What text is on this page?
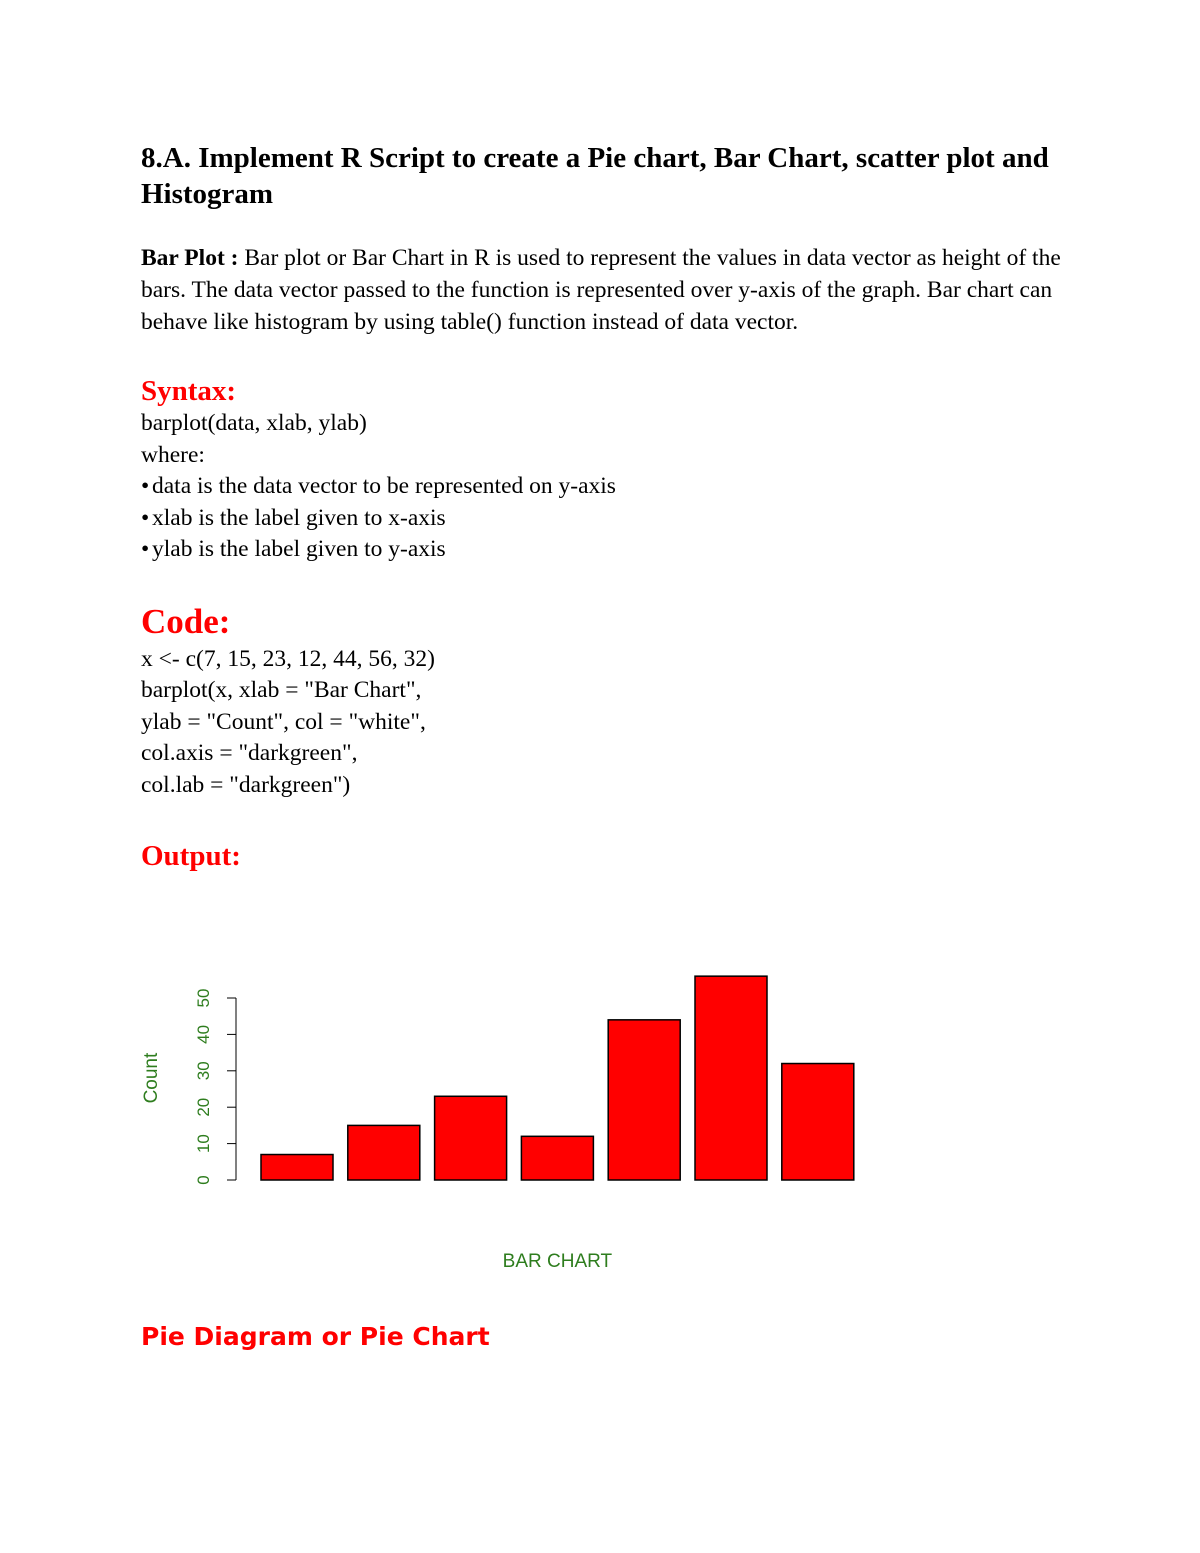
8.A. Implement R Script to create a Pie chart, Bar Chart, scatter plot and Histogram

Bar Plot : Bar plot or Bar Chart in R is used to represent the values in data vector as height of the bars. The data vector passed to the function is represented over y-axis of the graph. Bar chart can behave like histogram by using table() function instead of data vector.

Syntax:
barplot(data, xlab, ylab)
where:
• data is the data vector to be represented on y-axis
• xlab is the label given to x-axis
• ylab is the label given to y-axis
Code:
x <- c(7, 15, 23, 12, 44, 56, 32)
barplot(x, xlab = "Bar Chart",
ylab = "Count", col = "white",
col.axis = "darkgreen",
col.lab = "darkgreen")
Output:
0
10
20
30
40
50
Count
BAR CHART
Pie Diagram or Pie Chart
